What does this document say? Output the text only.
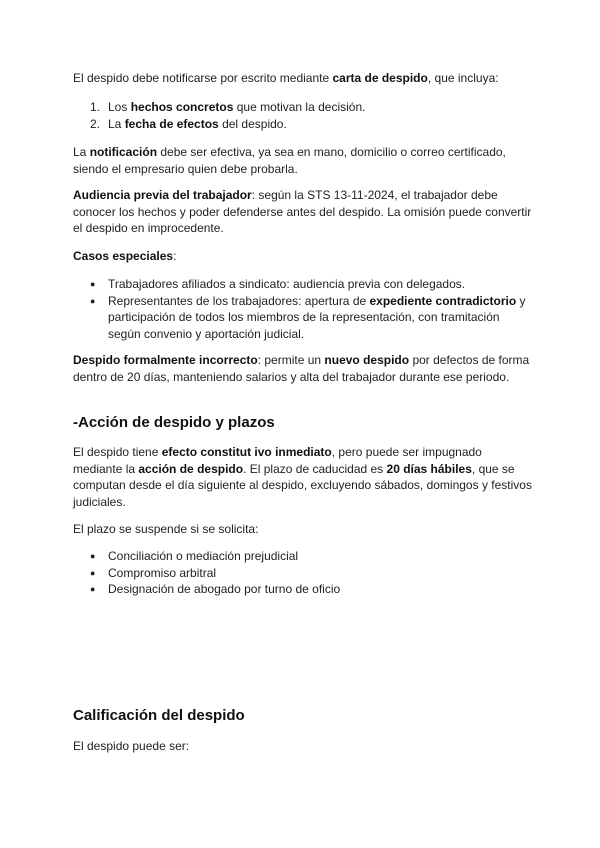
El despido debe notificarse por escrito mediante carta de despido, que incluya:

1. Los hechos concretos que motivan la decisión.
2. La fecha de efectos del despido.

La notificación debe ser efectiva, ya sea en mano, domicilio o correo certificado, siendo el empresario quien debe probarla.

Audiencia previa del trabajador: según la STS 13-11-2024, el trabajador debe conocer los hechos y poder defenderse antes del despido. La omisión puede convertir el despido en improcedente.

Casos especiales:

● Trabajadores afiliados a sindicato: audiencia previa con delegados.
● Representantes de los trabajadores: apertura de expediente contradictorio y participación de todos los miembros de la representación, con tramitación según convenio y aportación judicial.

Despido formalmente incorrecto: permite un nuevo despido por defectos de forma dentro de 20 días, manteniendo salarios y alta del trabajador durante ese periodo.

-Acción de despido y plazos

El despido tiene efecto constitut ivo inmediato, pero puede ser impugnado mediante la acción de despido. El plazo de caducidad es 20 días hábiles, que se computan desde el día siguiente al despido, excluyendo sábados, domingos y festivos judiciales.

El plazo se suspende si se solicita:

● Conciliación o mediación prejudicial
● Compromiso arbitral
● Designación de abogado por turno de oficio
Calificación del despido

El despido puede ser:
